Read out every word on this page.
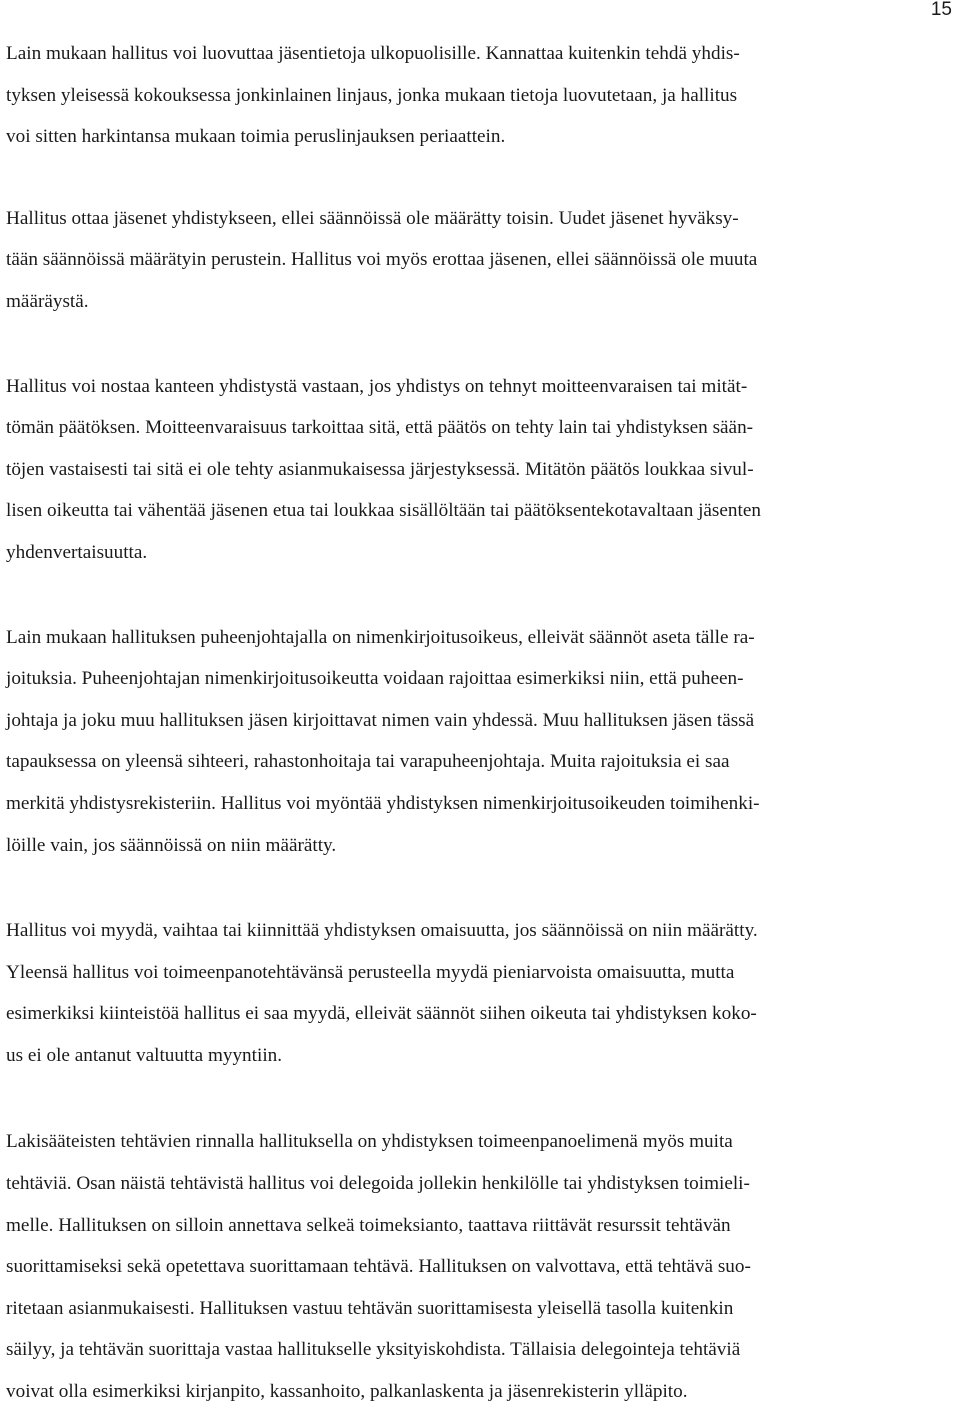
15

Lain mukaan hallitus voi luovuttaa jäsentietoja ulkopuolisille. Kannattaa kuitenkin tehdä yhdis-
tyksen yleisessä kokouksessa jonkinlainen linjaus, jonka mukaan tietoja luovutetaan, ja hallitus
voi sitten harkintansa mukaan toimia peruslinjauksen periaattein.

Hallitus ottaa jäsenet yhdistykseen, ellei säännöissä ole määrätty toisin. Uudet jäsenet hyväksy-
tään säännöissä määrätyin perustein. Hallitus voi myös erottaa jäsenen, ellei säännöissä ole muuta
määräystä.

Hallitus voi nostaa kanteen yhdistystä vastaan, jos yhdistys on tehnyt moitteenvaraisen tai mität-
tömän päätöksen. Moitteenvaraisuus tarkoittaa sitä, että päätös on tehty lain tai yhdistyksen sään-
töjen vastaisesti tai sitä ei ole tehty asianmukaisessa järjestyksessä. Mitätön päätös loukkaa sivul-
lisen oikeutta tai vähentää jäsenen etua tai loukkaa sisällöltään tai päätöksentekotavaltaan jäsenten
yhdenvertaisuutta.

Lain mukaan hallituksen puheenjohtajalla on nimenkirjoitusoikeus, elleivät säännöt aseta tälle ra-
joituksia. Puheenjohtajan nimenkirjoitusoikeutta voidaan rajoittaa esimerkiksi niin, että puheen-
johtaja ja joku muu hallituksen jäsen kirjoittavat nimen vain yhdessä. Muu hallituksen jäsen tässä
tapauksessa on yleensä sihteeri, rahastonhoitaja tai varapuheenjohtaja. Muita rajoituksia ei saa
merkitä yhdistysrekisteriin. Hallitus voi myöntää yhdistyksen nimenkirjoitusoikeuden toimihenki-
löille vain, jos säännöissä on niin määrätty.

Hallitus voi myydä, vaihtaa tai kiinnittää yhdistyksen omaisuutta, jos säännöissä on niin määrätty.
Yleensä hallitus voi toimeenpanotehtävänsä perusteella myydä pieniarvoista omaisuutta, mutta
esimerkiksi kiinteistöä hallitus ei saa myydä, elleivät säännöt siihen oikeuta tai yhdistyksen koko-
us ei ole antanut valtuutta myyntiin.

Lakisääteisten tehtävien rinnalla hallituksella on yhdistyksen toimeenpanoelimenä myös muita
tehtäviä. Osan näistä tehtävistä hallitus voi delegoida jollekin henkilölle tai yhdistyksen toimieli-
melle. Hallituksen on silloin annettava selkeä toimeksianto, taattava riittävät resurssit tehtävän
suorittamiseksi sekä opetettava suorittamaan tehtävä. Hallituksen on valvottava, että tehtävä suo-
ritetaan asianmukaisesti. Hallituksen vastuu tehtävän suorittamisesta yleisellä tasolla kuitenkin
säilyy, ja tehtävän suorittaja vastaa hallitukselle yksityiskohdista. Tällaisia delegointeja tehtäviä
voivat olla esimerkiksi kirjanpito, kassanhoito, palkanlaskenta ja jäsenrekisterin ylläpito.
